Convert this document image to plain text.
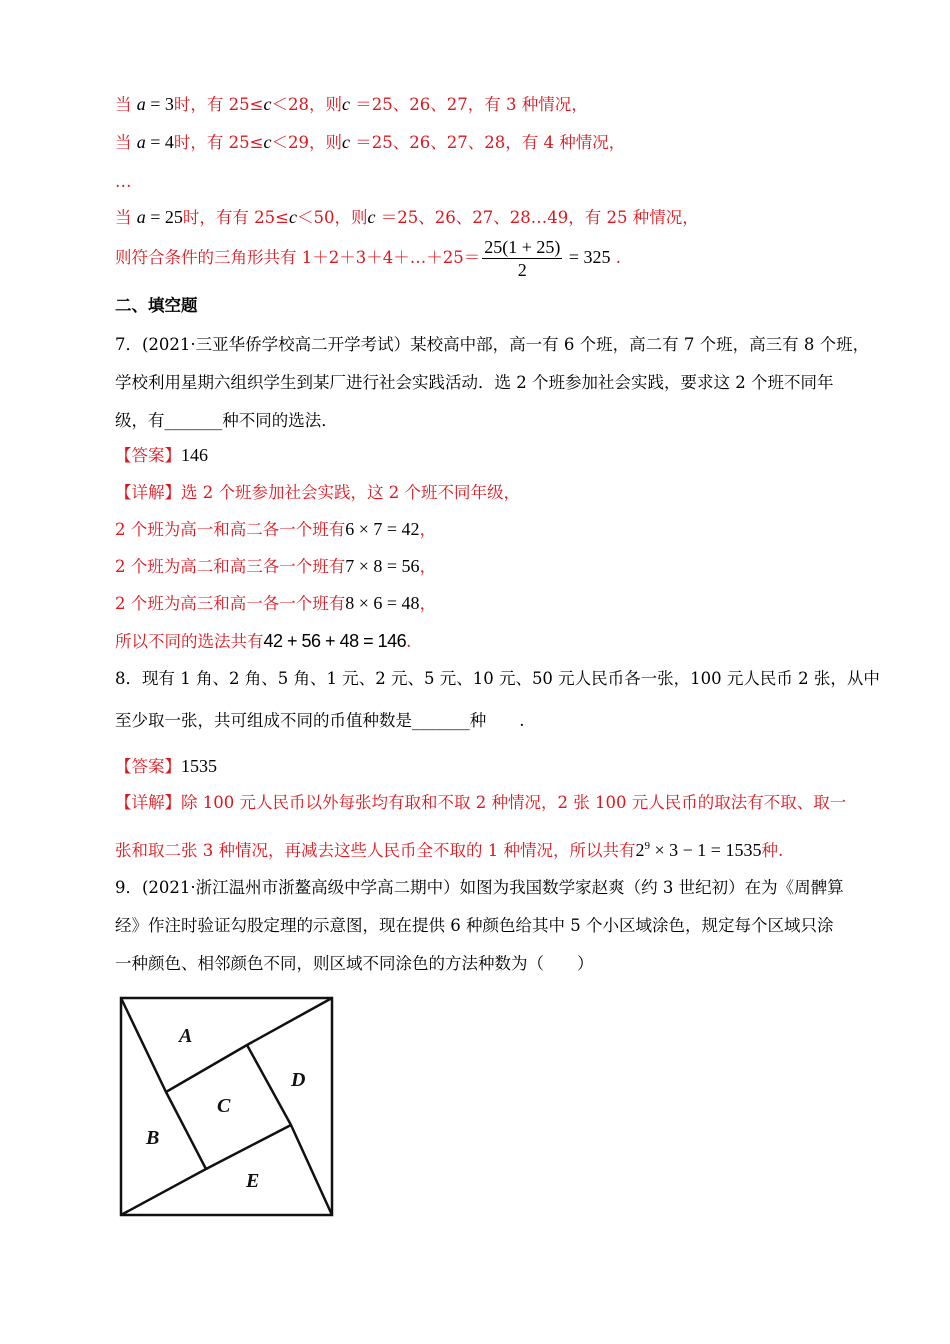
当 a = 3时，有 25≤c＜28，则c ＝25、26、27，有 3 种情况，
当 a = 4时，有 25≤c＜29，则c ＝25、26、27、28，有 4 种情况，
…
当 a = 25时，有有 25≤c＜50，则c ＝25、26、27、28…49，有 25 种情况，
则符合条件的三角形共有 1＋2＋3＋4＋…＋25＝ $\frac{25(1 + 25)}{2} = 325$ .
二、填空题
7．(2021·三亚华侨学校高二开学考试）某校高中部，高一有 6 个班，高二有 7 个班，高三有 8 个班，
学校利用星期六组织学生到某厂进行社会实践活动．选 2 个班参加社会实践，要求这 2 个班不同年
级，有_______种不同的选法．
【答案】146
【详解】选 2 个班参加社会实践，这 2 个班不同年级，
2 个班为高一和高二各一个班有6 × 7 = 42，
2 个班为高二和高三各一个班有7 × 8 = 56，
2 个班为高三和高一各一个班有8 × 6 = 48，
所以不同的选法共有42 + 56 + 48 = 146.
8．现有 1 角、2 角、5 角、1 元、2 元、5 元、10 元、50 元人民币各一张，100 元人民币 2 张，从中
至少取一张，共可组成不同的币值种数是_______种　　.
【答案】1535
【详解】除 100 元人民币以外每张均有取和不取 2 种情况，2 张 100 元人民币的取法有不取、取一
张和取二张 3 种情况，再减去这些人民币全不取的 1 种情况，所以共有$2^9 \times 3 - 1 = 1535$种.
9．(2021·浙江温州市浙鳌高级中学高二期中）如图为我国数学家赵爽（约 3 世纪初）在为《周髀算
经》作注时验证勾股定理的示意图，现在提供 6 种颜色给其中 5 个小区域涂色，规定每个区域只涂
一种颜色、相邻颜色不同，则区域不同涂色的方法种数为（　　）
A
D
C
B
E
